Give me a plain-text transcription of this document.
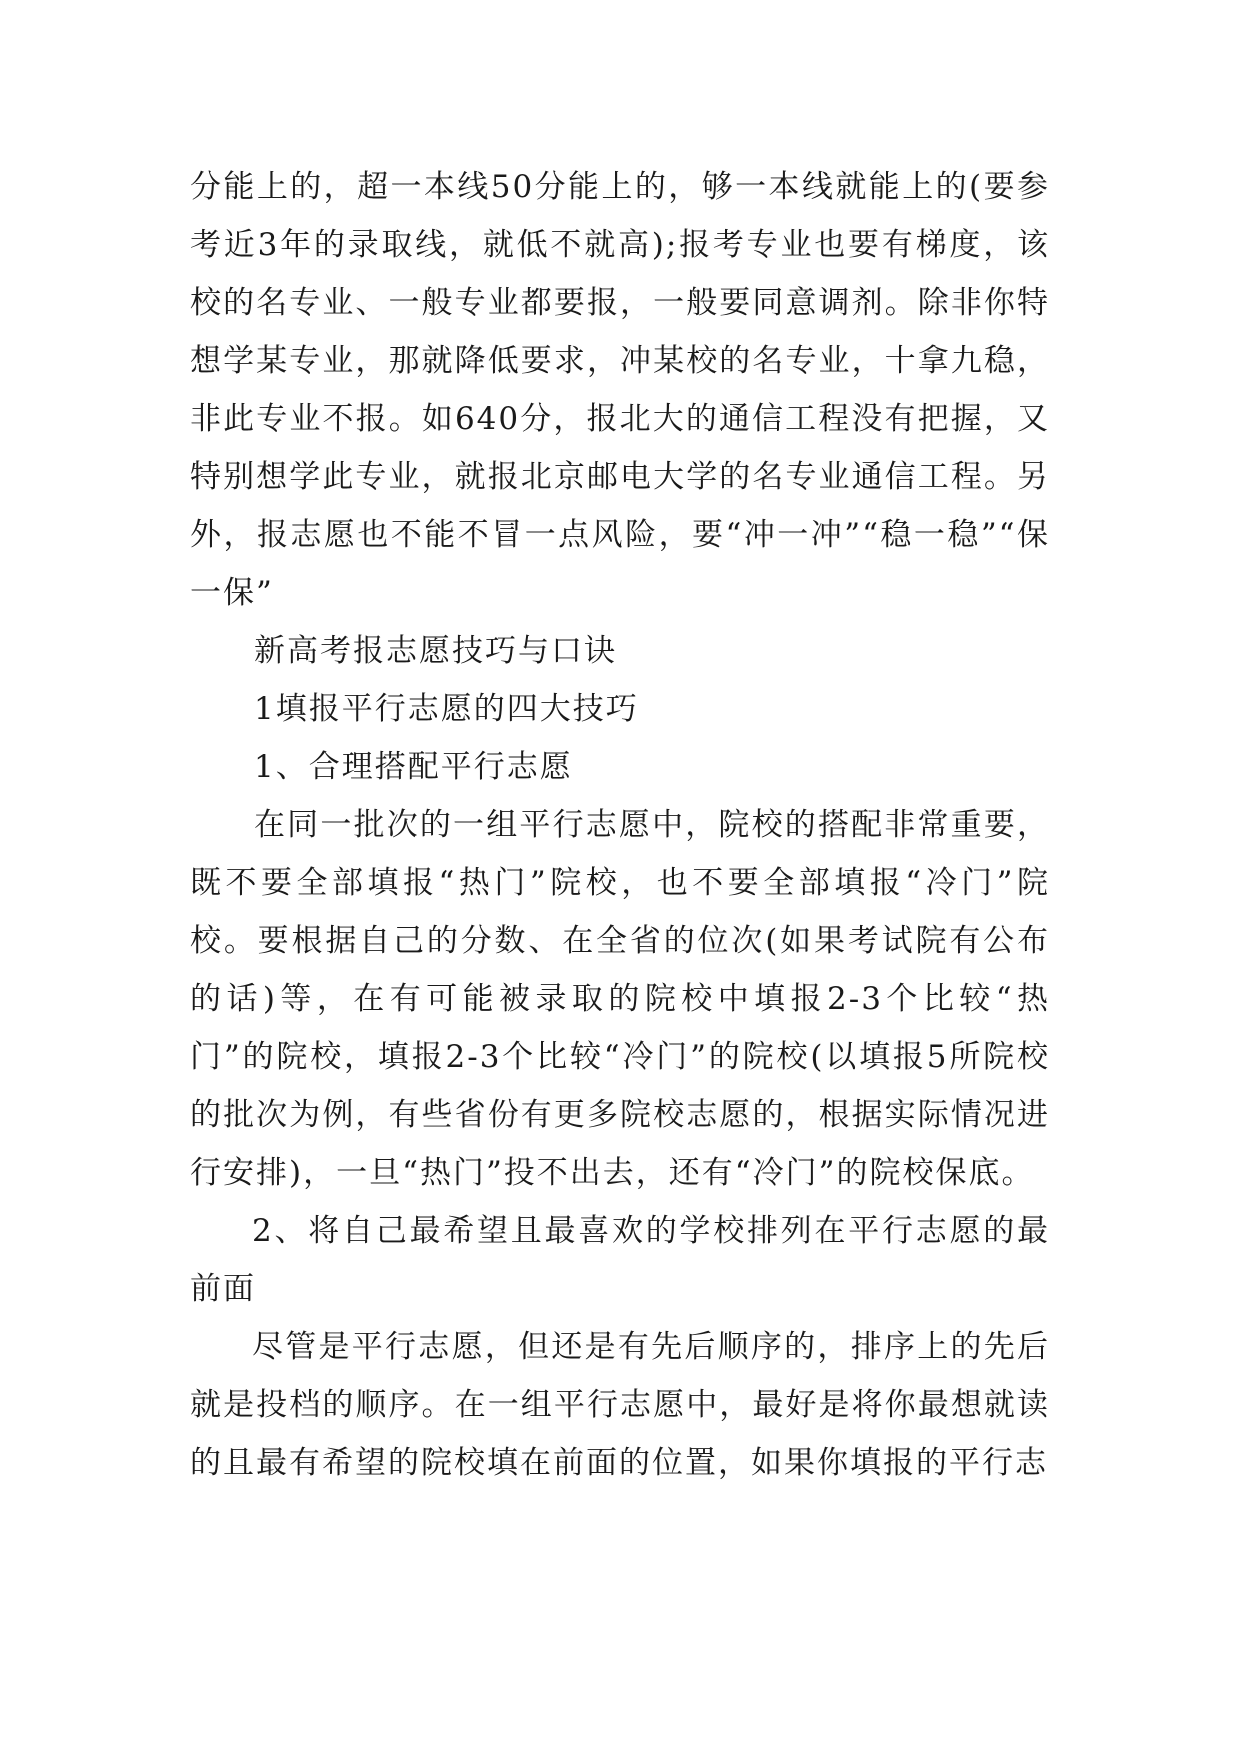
分能上的，超一本线50分能上的，够一本线就能上的(要参考近3年的录取线，就低不就高);报考专业也要有梯度，该校的名专业、一般专业都要报，一般要同意调剂。除非你特想学某专业，那就降低要求，冲某校的名专业，十拿九稳，非此专业不报。如640分，报北大的通信工程没有把握，又特别想学此专业，就报北京邮电大学的名专业通信工程。另外，报志愿也不能不冒一点风险，要“冲一冲”“稳一稳”“保一保”

新高考报志愿技巧与口诀

1填报平行志愿的四大技巧

1、合理搭配平行志愿

在同一批次的一组平行志愿中，院校的搭配非常重要，既不要全部填报“热门”院校，也不要全部填报“冷门”院校。要根据自己的分数、在全省的位次(如果考试院有公布的话)等，在有可能被录取的院校中填报2-3个比较“热门”的院校，填报2-3个比较“冷门”的院校(以填报5所院校的批次为例，有些省份有更多院校志愿的，根据实际情况进行安排)，一旦“热门”投不出去，还有“冷门”的院校保底。

2、将自己最希望且最喜欢的学校排列在平行志愿的最前面

尽管是平行志愿，但还是有先后顺序的，排序上的先后就是投档的顺序。在一组平行志愿中，最好是将你最想就读的且最有希望的院校填在前面的位置，如果你填报的平行志
